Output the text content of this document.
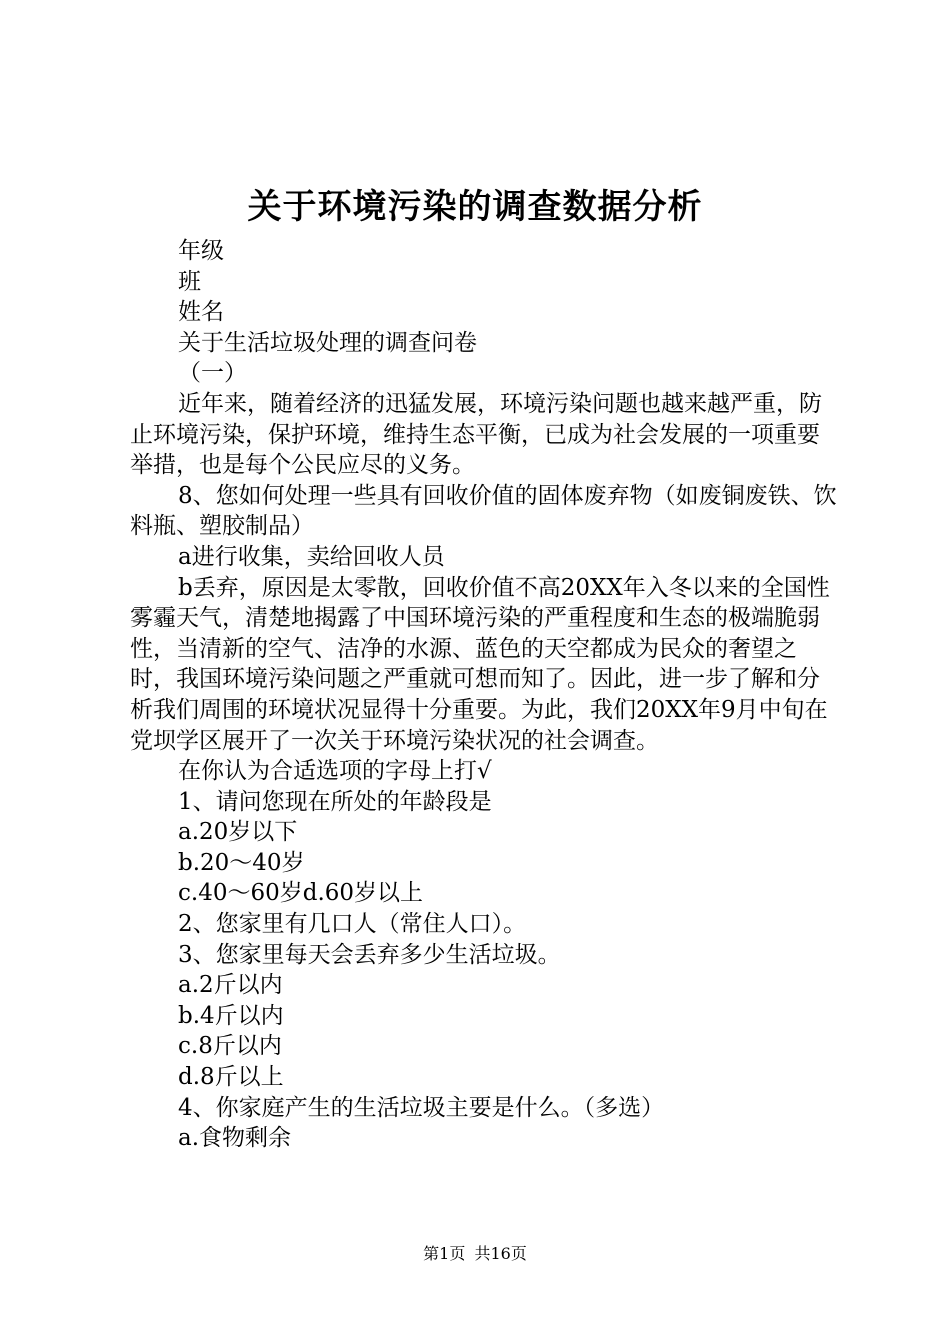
关于环境污染的调查数据分析

年级

班

姓名

关于生活垃圾处理的调查问卷

（一）

近年来，随着经济的迅猛发展，环境污染问题也越来越严重，防止环境污染，保护环境，维持生态平衡，已成为社会发展的一项重要举措，也是每个公民应尽的义务。

8、您如何处理一些具有回收价值的固体废弃物（如废铜废铁、饮料瓶、塑胶制品）

a进行收集，卖给回收人员

b丢弃，原因是太零散，回收价值不高20XX年入冬以来的全国性雾霾天气，清楚地揭露了中国环境污染的严重程度和生态的极端脆弱性，当清新的空气、洁净的水源、蓝色的天空都成为民众的奢望之时，我国环境污染问题之严重就可想而知了。因此，进一步了解和分析我们周围的环境状况显得十分重要。为此，我们20XX年9月中旬在党坝学区展开了一次关于环境污染状况的社会调查。

在你认为合适选项的字母上打√

1、请问您现在所处的年龄段是

a.20岁以下

b.20～40岁

c.40～60岁d.60岁以上

2、您家里有几口人（常住人口）。

3、您家里每天会丢弃多少生活垃圾。

a.2斤以内

b.4斤以内

c.8斤以内

d.8斤以上

4、你家庭产生的生活垃圾主要是什么。（多选）

a.食物剩余

第1页 共16页
